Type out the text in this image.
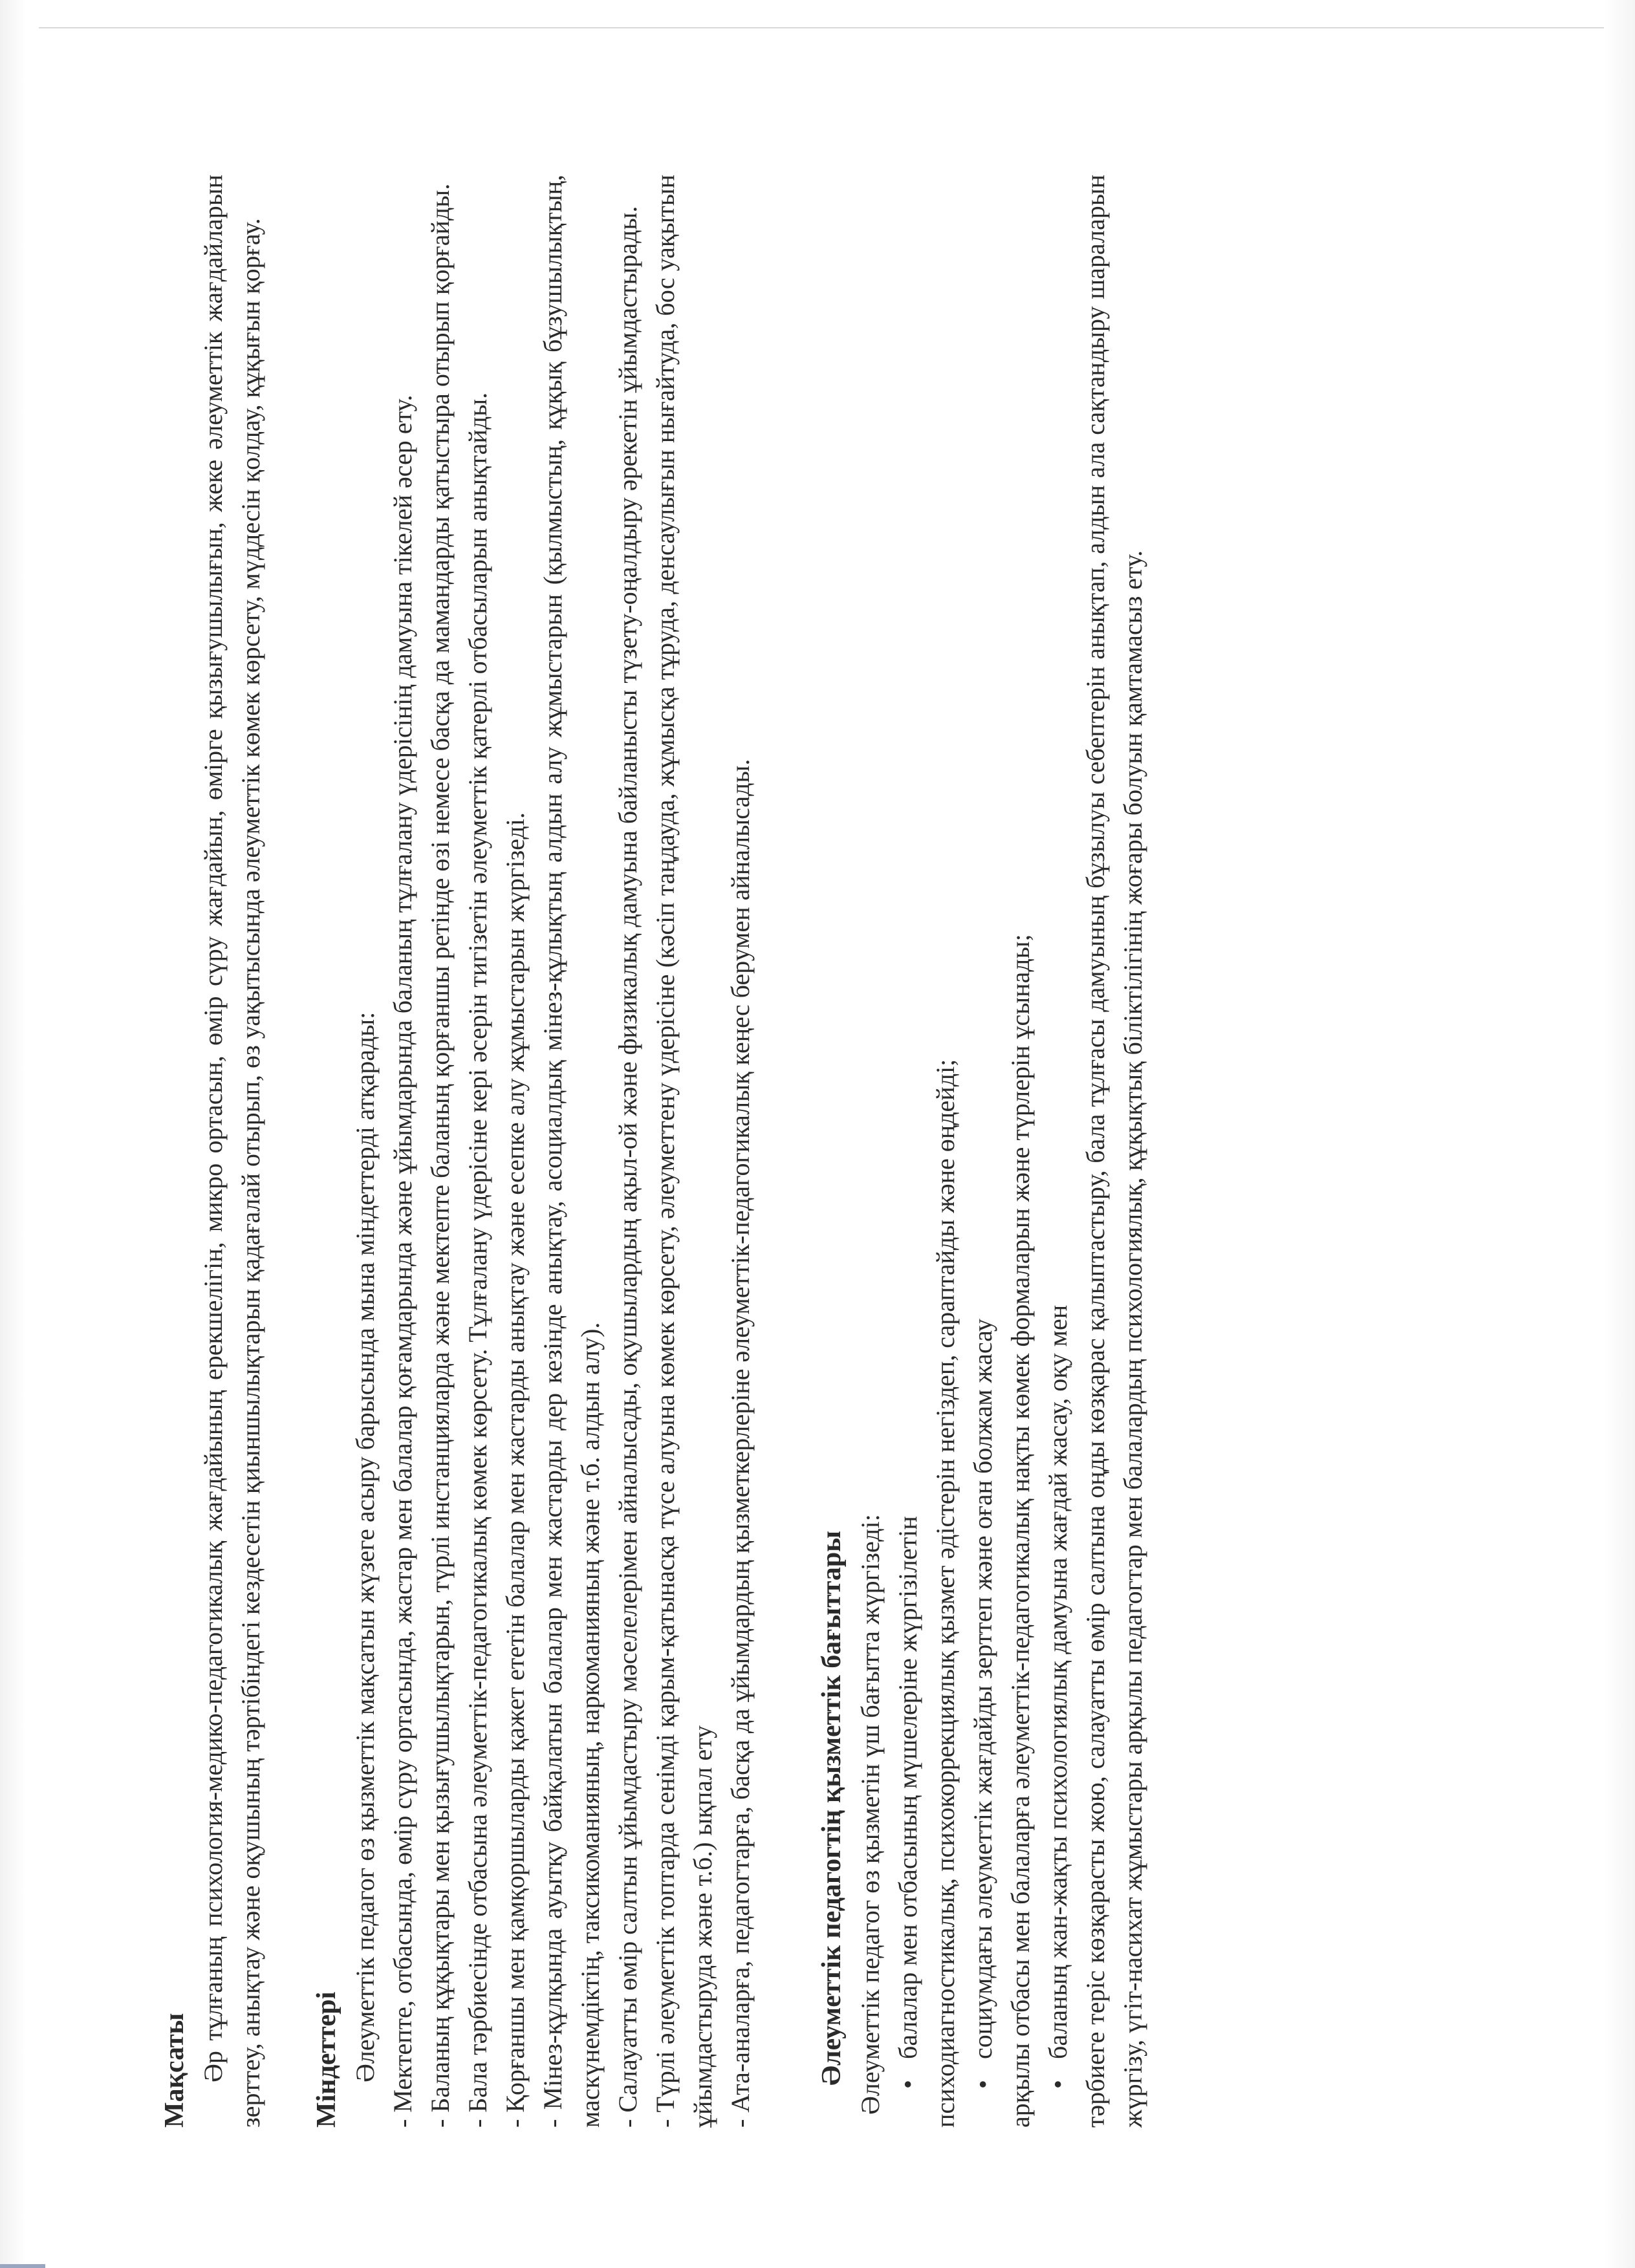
Мақсаты Әр тұлғаның психология-медико-педагогикалық жағдайының ерекшелігін, микро ортасын, өмір сүру жағдайын, өмірге қызығушылығын, жеке әлеуметтік жағдайларын зерттеу, анықтау және оқушының тәртібіндегі кездесетін қиыншылықтарын қадағалай отырып, өз уақытысында әлеуметтік көмек көрсету, мүддесін қолдау, құқығын қорғау. Міндеттері Әлеуметтік педагог өз қызметтік мақсатын жүзеге асыру барысында мына міндеттерді атқарады: - Мектепте, отбасында, өмір сүру ортасында, жастар мен балалар қоғамдарында және ұйымдарында баланың тұлғалану үдерісінің дамуына тікелей әсер ету. - Баланың құқықтары мен қызығушылықтарын, түрлі инстанцияларда және мектепте баланың қорғаншы ретінде өзі немесе басқа да мамандарды қатыстыра отырып қорғайды. - Бала тәрбиесінде отбасына әлеуметтік-педагогикалық көмек көрсету. Тұлғалану үдерісіне кері әсерін тигізетін әлеуметтік қатерлі отбасыларын анықтайды. - Қорғаншы мен қамқоршыларды қажет ететін балалар мен жастарды анықтау және есепке алу жұмыстарын жүргізеді. - Мінез-құлқында ауытқу байқалатын балалар мен жастарды дер кезінде анықтау, асоциалдық мінез-құлықтың алдын алу жұмыстарын (қылмыстың, құқық бұзушылықтың, маскүнемдіктің, таксикоманияның, наркоманияның және т.б. алдын алу). - Салауатты өмір салтын ұйымдастыру мәселелерімен айналысады, оқушылардың ақыл-ой және физикалық дамуына байланысты түзету-оңалдыру әрекетін ұйымдастырады. - Түрлі әлеуметтік топтарда сенімді қарым-қатынасқа түсе алуына көмек көрсету, әлеуметтену үдерісіне (кәсіп таңдауда, жұмысқа тұруда, денсаулығын нығайтуда, бос уақытын ұйымдастыруда және т.б.) ықпал ету - Ата-аналарға, педагогтарға, басқа да ұйымдардың қызметкерлеріне әлеуметтік-педагогикалық кеңес берумен айналысады. Әлеуметтік педагогтің қызметтік бағыттары Әлеуметтік педагог өз қызметін үш бағытта жүргізеді: •балалар мен отбасының мүшелеріне жүргізілетін психодиагностикалық, психокоррекциялық қызмет әдістерін негіздеп, сараптайды және өңдейді; •социумдағы әлеуметтік жағдайды зерттеп және оған болжам жасау арқылы отбасы мен балаларға әлеуметтік-педагогикалық нақты көмек формаларын және түрлерін ұсынады; •баланың жан-жақты психологиялық дамуына жағдай жасау, оқу мен тәрбиеге теріс көзқарасты жою, салауатты өмір салтына оңды көзқарас қалыптастыру, бала тұлғасы дамуының бұзылуы себептерін анықтап, алдын ала сақтандыру шараларын жүргізу, үгіт-насихат жұмыстары арқылы педагогтар мен балалардың психологиялық, құқықтық біліктілігінің жоғары болуын қамтамасыз ету.
